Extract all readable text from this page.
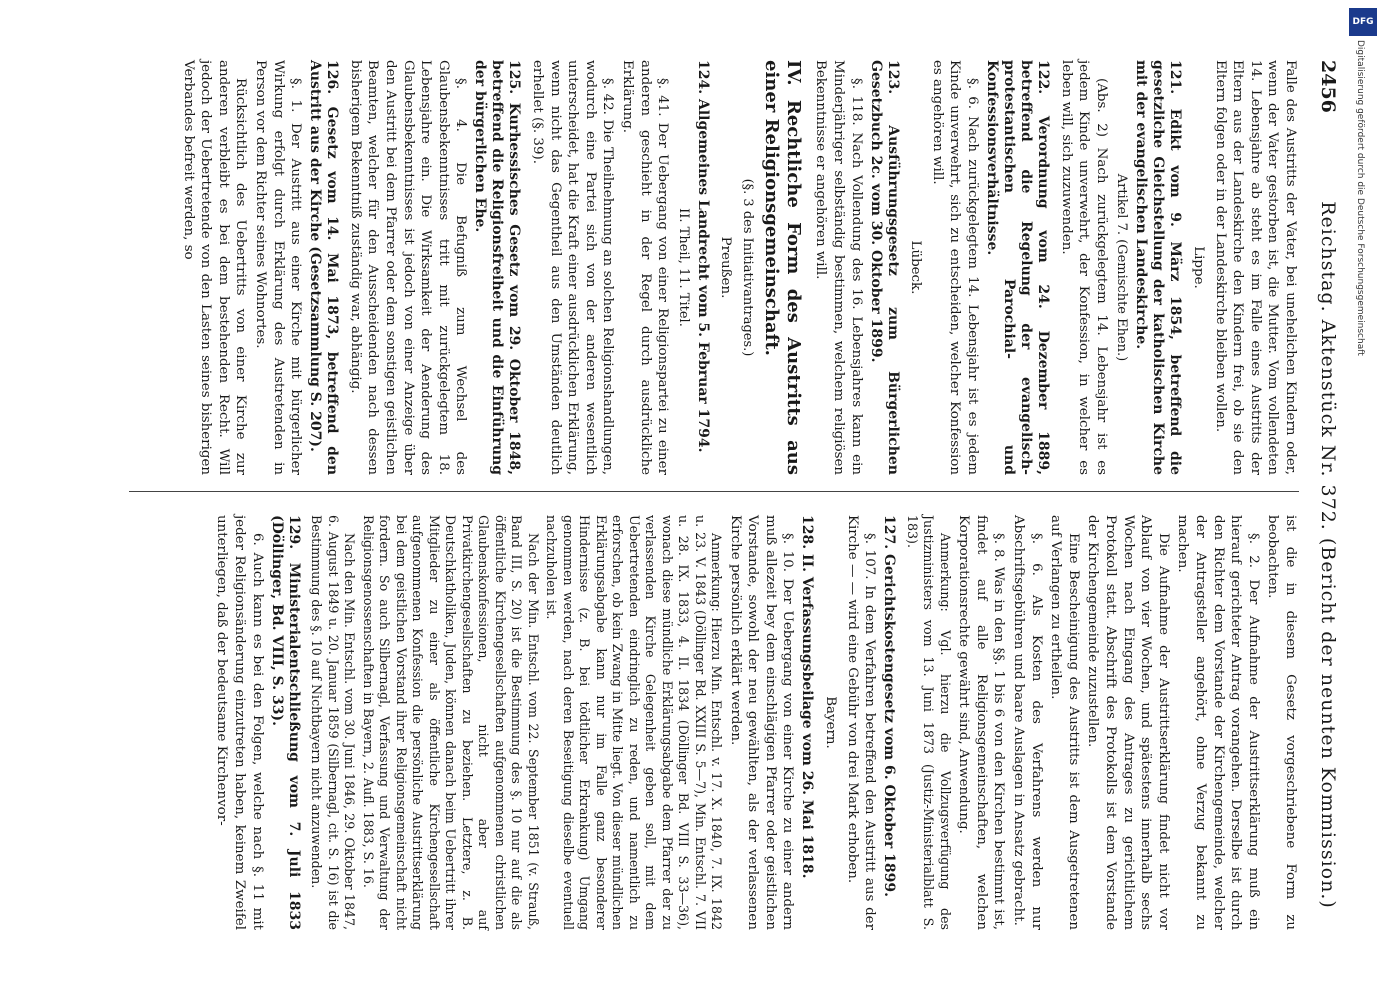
2456
Reichstag. Aktenstück Nr. 372. (Bericht der neunten Kommission.)

Falle des Austritts der Vater, bei unehelichen Kindern oder, wenn der Vater gestorben ist, die Mutter. Vom vollendeten 14. Lebensjahre ab steht es im Falle eines Austritts der Eltern aus der Landeskirche den Kindern frei, ob sie den Eltern folgen oder in der Landeskirche bleiben wollen.

Lippe.
121. Edikt vom 9. März 1854, betreffend die gesetzliche Gleichstellung der katholischen Kirche mit der evangelischen Landeskirche.
Artikel 7. (Gemischte Ehen.)

(Abs. 2) Nach zurückgelegtem 14. Lebensjahr ist es jedem Kinde unverwehrt, der Konfession, in welcher es leben will, sich zuzuwenden.

122. Verordnung vom 24. Dezember 1889, betreffend die Regelung der evangelisch-protestantischen Parochial- und Konfessionsverhältnisse.

§. 6. Nach zurückgelegtem 14. Lebensjahr ist es jedem Kinde unverwehrt, sich zu entscheiden, welcher Konfession es angehören will.

Lübeck.
123. Ausführungsgesetz zum Bürgerlichen Gesetzbuch 2c. vom 30. Oktober 1899.

§. 118. Nach Vollendung des 16. Lebensjahres kann ein Minderjähriger selbständig bestimmen, welchem religiösen Bekenntnisse er angehören will.

IV. Rechtliche Form des Austritts aus einer Religionsgemeinschaft.
(§. 3 des Initiativantrages.)
Preußen.
124. Allgemeines Landrecht vom 5. Februar 1794.
II. Theil, 11. Titel.

§. 41. Der Uebergang von einer Religionspartei zu einer anderen geschieht in der Regel durch ausdrückliche Erklärung.

§. 42. Die Theilnehmung an solchen Religionshandlungen, wodurch eine Partei sich von der anderen wesentlich unterscheidet, hat die Kraft einer ausdrücklichen Erklärung, wenn nicht das Gegentheil aus den Umständen deutlich erhellet (§. 39).

125. Kurhessisches Gesetz vom 29. Oktober 1848, betreffend die Religionsfreiheit und die Einführung der bürgerlichen Ehe.

§. 4. Die Befugniß zum Wechsel des Glaubensbekenntnisses tritt mit zurückgelegtem 18. Lebensjahre ein. Die Wirksamkeit der Aenderung des Glaubensbekenntnisses ist jedoch von einer Anzeige über den Austritt bei dem Pfarrer oder dem sonstigen geistlichen Beamten, welcher für den Ausscheidenden nach dessen bisherigem Bekenntniß zuständig war, abhängig.

126. Gesetz vom 14. Mai 1873, betreffend den Austritt aus der Kirche (Gesetzsammlung S. 207).

§. 1. Der Austritt aus einer Kirche mit bürgerlicher Wirkung erfolgt durch Erklärung des Austretenden in Person vor dem Richter seines Wohnortes.

Rücksichtlich des Uebertritts von einer Kirche zur anderen verbleibt es bei dem bestehenden Recht. Will jedoch der Uebertretende von den Lasten seines bisherigen Verbandes befreit werden, so

ist die in diesem Gesetz vorgeschriebene Form zu beobachten.

§. 2. Der Aufnahme der Austrittserklärung muß ein hierauf gerichteter Antrag vorangehen. Derselbe ist durch den Richter dem Vorstande der Kirchengemeinde, welcher der Antragsteller angehört, ohne Verzug bekannt zu machen.

Die Aufnahme der Austrittserklärung findet nicht vor Ablauf von vier Wochen, und spätestens innerhalb sechs Wochen nach Eingang des Antrages zu gerichtlichem Protokoll statt. Abschrift des Protokolls ist dem Vorstande der Kirchengemeinde zuzustellen.

Eine Bescheinigung des Austritts ist dem Ausgetretenen auf Verlangen zu ertheilen.

§. 6. Als Kosten des Verfahrens werden nur Abschriftsgebühren und baare Auslagen in Ansatz gebracht.

§. 8. Was in den §§. 1 bis 6 von den Kirchen bestimmt ist, findet auf alle Religionsgemeinschaften, welchen Korporationsrechte gewährt sind, Anwendung.

Anmerkung: Vgl. hierzu die Vollzugsverfügung des Justizministers vom 13. Juni 1873 (Justiz-Ministerialblatt S. 183).

127. Gerichtskostengesetz vom 6. Oktober 1899.

§. 107. In dem Verfahren betreffend den Austritt aus der Kirche — — wird eine Gebühr von drei Mark erhoben.

Bayern.
128. II. Verfassungsbeilage vom 26. Mai 1818.

§. 10. Der Uebergang von einer Kirche zu einer andern muß allezeit bey dem einschlägigen Pfarrer oder geistlichen Vorstande, sowohl der neu gewählten, als der verlassenen Kirche persönlich erklärt werden.

Anmerkung: Hierzu Min. Entschl. v. 17. X. 1840, 7. IX. 1842 u. 23. V. 1843 (Döllinger Bd. XXIII S. 5—7), Min. Entschl. 7. VII u. 28. IX. 1833, 4. II. 1834 (Döllinger Bd. VIII S. 33—36), wonach diese mündliche Erklärungsabgabe dem Pfarrer der zu verlassenden Kirche Gelegenheit geben soll, mit dem Uebertretenden eindringlich zu reden, und namentlich zu erforschen, ob kein Zwang in Mitte liegt. Von dieser mündlichen Erklärungsabgabe kann nur im Falle ganz besonderer Hindernisse (z. B. bei tödtlicher Erkrankung) Umgang genommen werden, nach deren Beseitigung dieselbe eventuell nachzuholen ist.

Nach der Min. Entschl. vom 22. September 1851 (v. Strauß, Band III, S. 20) ist die Bestimmung des §. 10 nur auf die als öffentliche Kirchengesellschaften aufgenommenen christlichen Glaubenskonfessionen, nicht aber auf Privatkirchengesellschaften zu beziehen. Letztere, z. B. Deutschkatholiken, Juden, können danach beim Uebertritt ihrer Mitglieder zu einer als öffentliche Kirchengesellschaft aufgenommenen Konfession die persönliche Austrittserklärung bei dem geistlichen Vorstand ihrer Religionsgemeinschaft nicht fordern. So auch Silbernagl, Verfassung und Verwaltung der Religionsgenossenschaften in Bayern, 2. Aufl. 1883, S. 16.

Nach den Min. Entschl. vom 30. Juni 1846, 29. Oktober 1847, 6. August 1849 u. 20. Januar 1859 (Silbernagl, cit. S. 16) ist die Bestimmung des §. 10 auf Nichtbayern nicht anzuwenden.

129. Ministerialentschließung vom 7. Juli 1833 (Döllinger, Bd. VIII, S. 33).

6. Auch kann es bei den Folgen, welche nach §. 11 mit jeder Religionsänderung einzutreten haben, keinem Zweifel unterliegen, daß der bedeutsame Kirchenvor-

DFG
Digitalisierung gefördert durch die Deutsche Forschungsgemeinschaft
